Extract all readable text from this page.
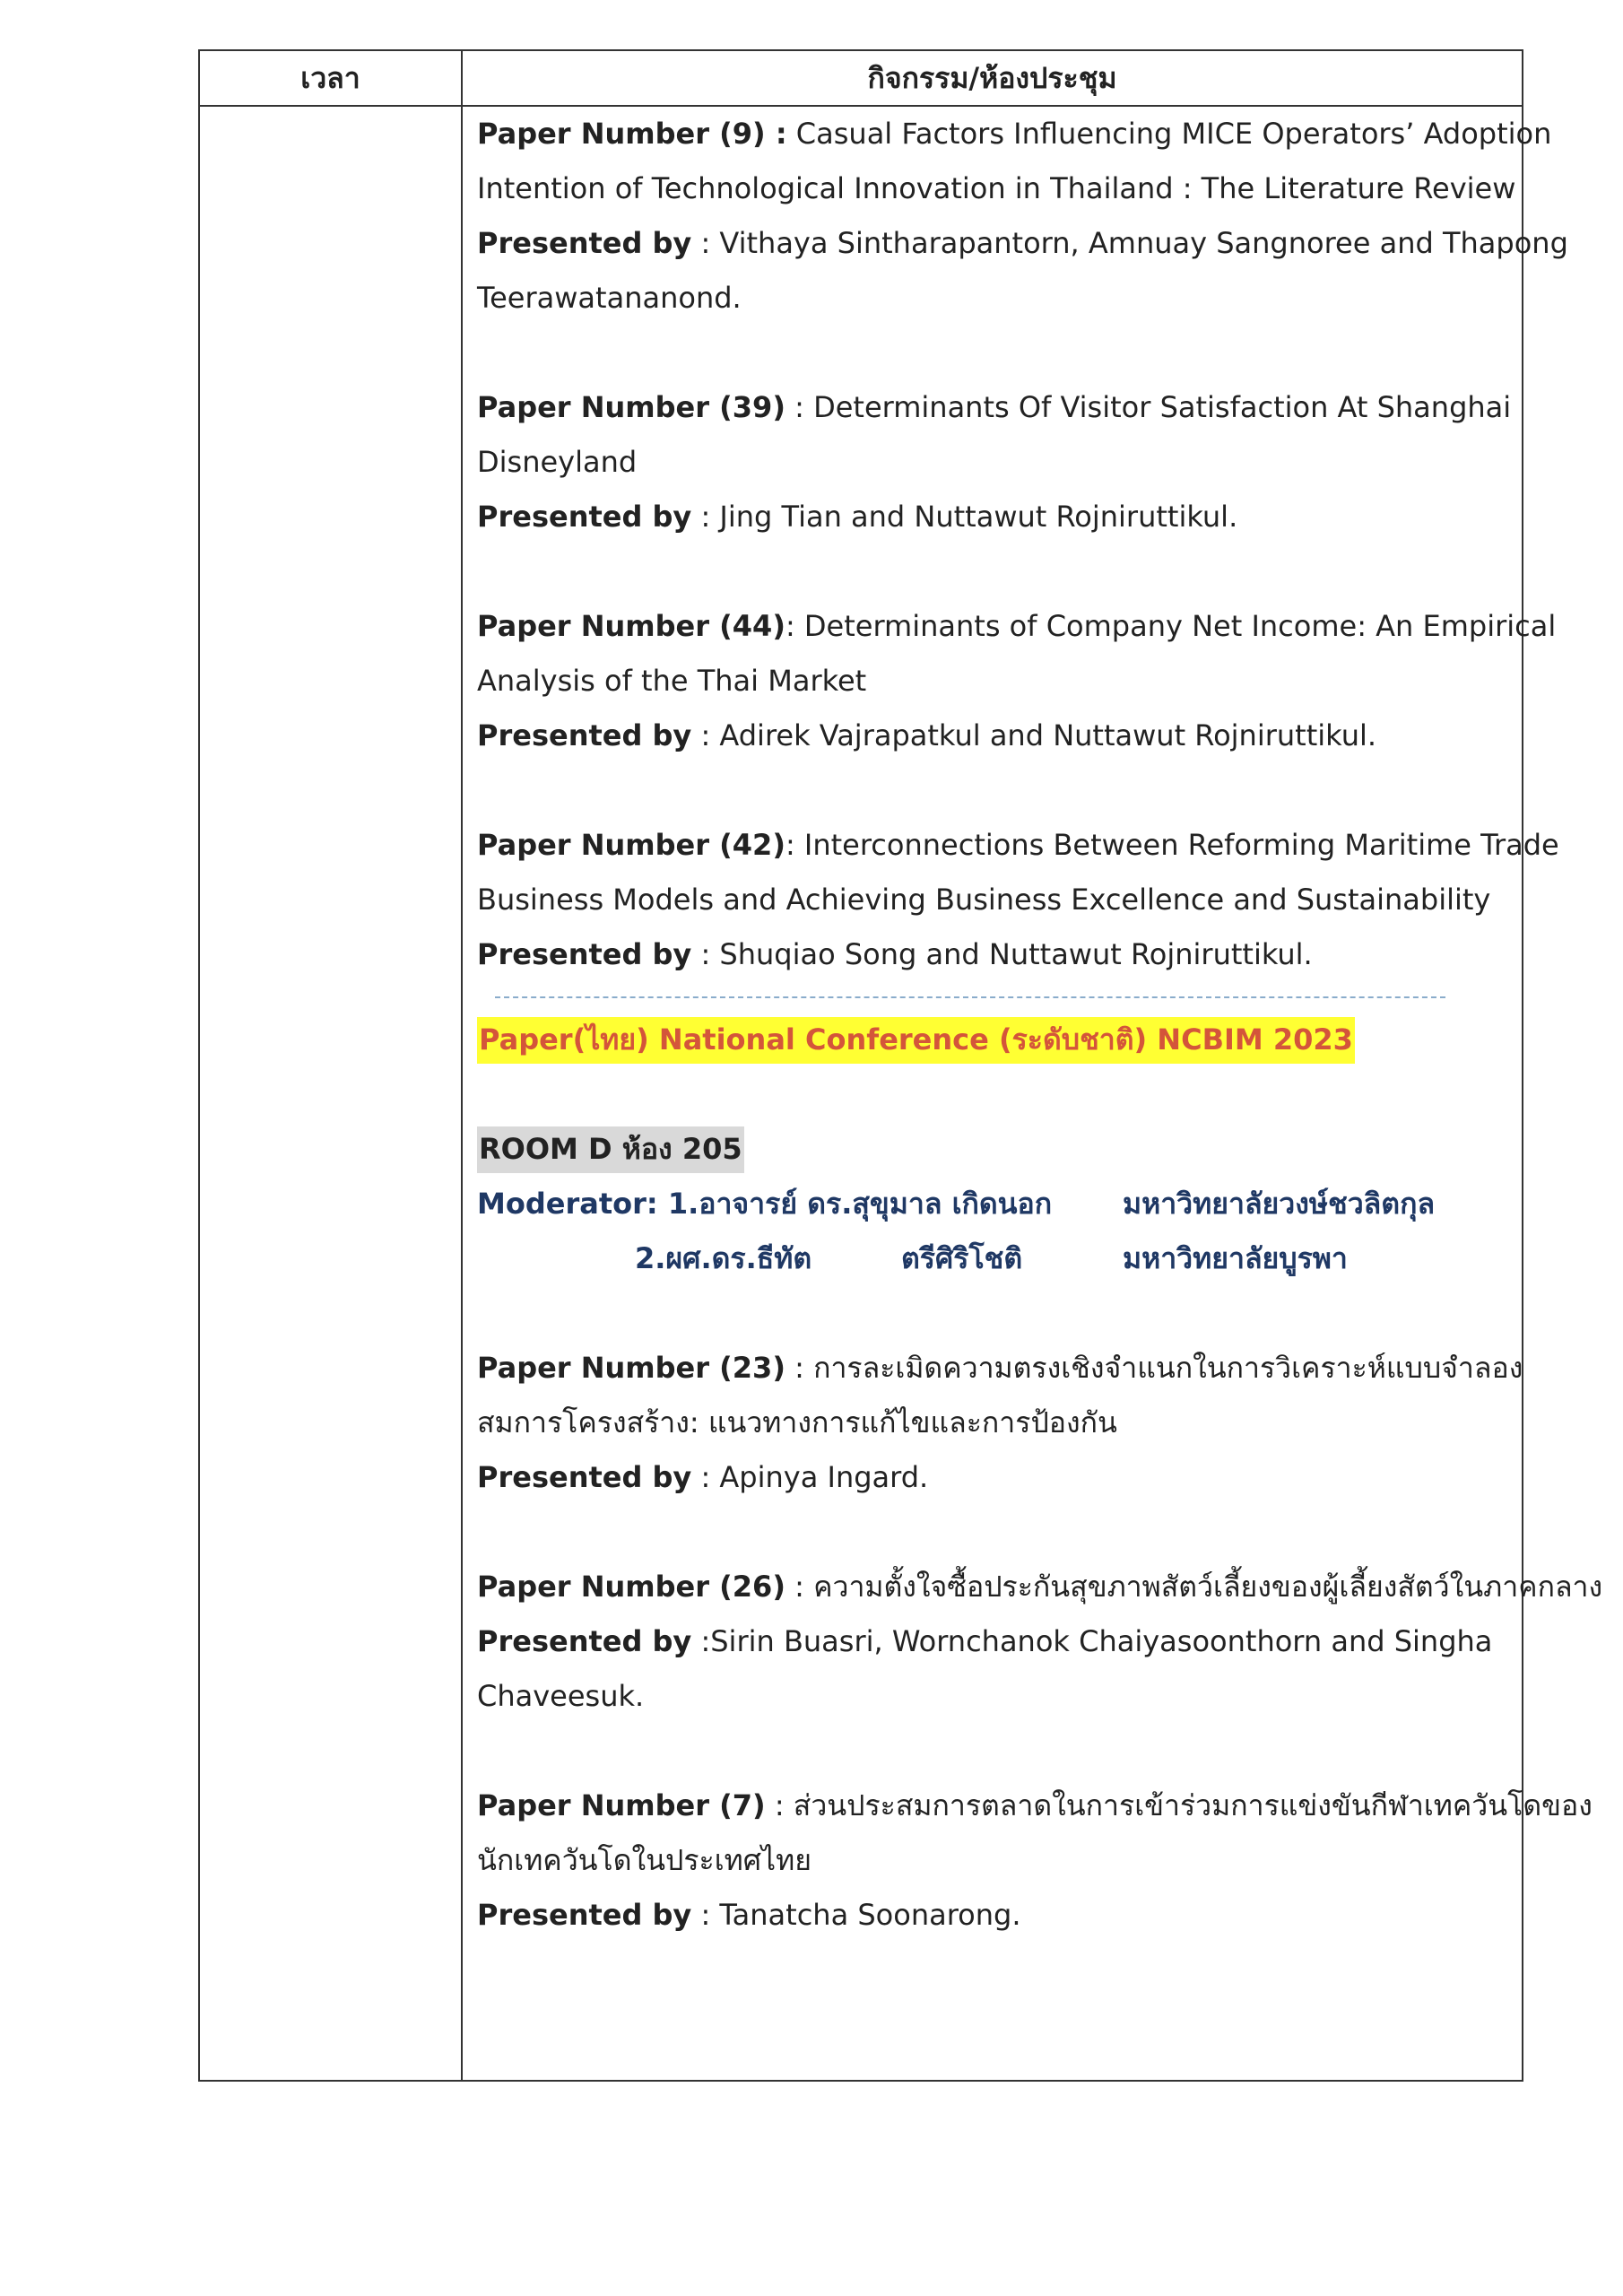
เวลา	กิจกรรม/ห้องประชุม
Paper Number (9) : Casual Factors Influencing MICE Operators’ Adoption
Intention of Technological Innovation in Thailand : The Literature Review
Presented by : Vithaya Sintharapantorn, Amnuay Sangnoree and Thapong
Teerawatananond.
Paper Number (39) : Determinants Of Visitor Satisfaction At Shanghai
Disneyland
Presented by : Jing Tian and Nuttawut Rojniruttikul.
Paper Number (44): Determinants of Company Net Income: An Empirical
Analysis of the Thai Market
Presented by : Adirek Vajrapatkul and Nuttawut Rojniruttikul.
Paper Number (42): Interconnections Between Reforming Maritime Trade
Business Models and Achieving Business Excellence and Sustainability
Presented by : Shuqiao Song and Nuttawut Rojniruttikul.
Paper(ไทย) National Conference (ระดับชาติ) NCBIM 2023
ROOM D ห้อง 205
Moderator: 1.อาจารย์ ดร.สุขุมาล เกิดนอก มหาวิทยาลัยวงษ์ชวลิตกุล
2.ผศ.ดร.ธีทัต	ตรีศิริโชติ	มหาวิทยาลัยบูรพา
Paper Number (23) : การละเมิดความตรงเชิงจำแนกในการวิเคราะห์แบบจำลอง
สมการโครงสร้าง: แนวทางการแก้ไขและการป้องกัน
Presented by : Apinya Ingard.
Paper Number (26) : ความตั้งใจซื้อประกันสุขภาพสัตว์เลี้ยงของผู้เลี้ยงสัตว์ในภาคกลาง
Presented by :Sirin Buasri, Wornchanok Chaiyasoonthorn and Singha
Chaveesuk.
Paper Number (7) : ส่วนประสมการตลาดในการเข้าร่วมการแข่งขันกีฬาเทควันโดของ
นักเทควันโดในประเทศไทย
Presented by : Tanatcha Soonarong.
